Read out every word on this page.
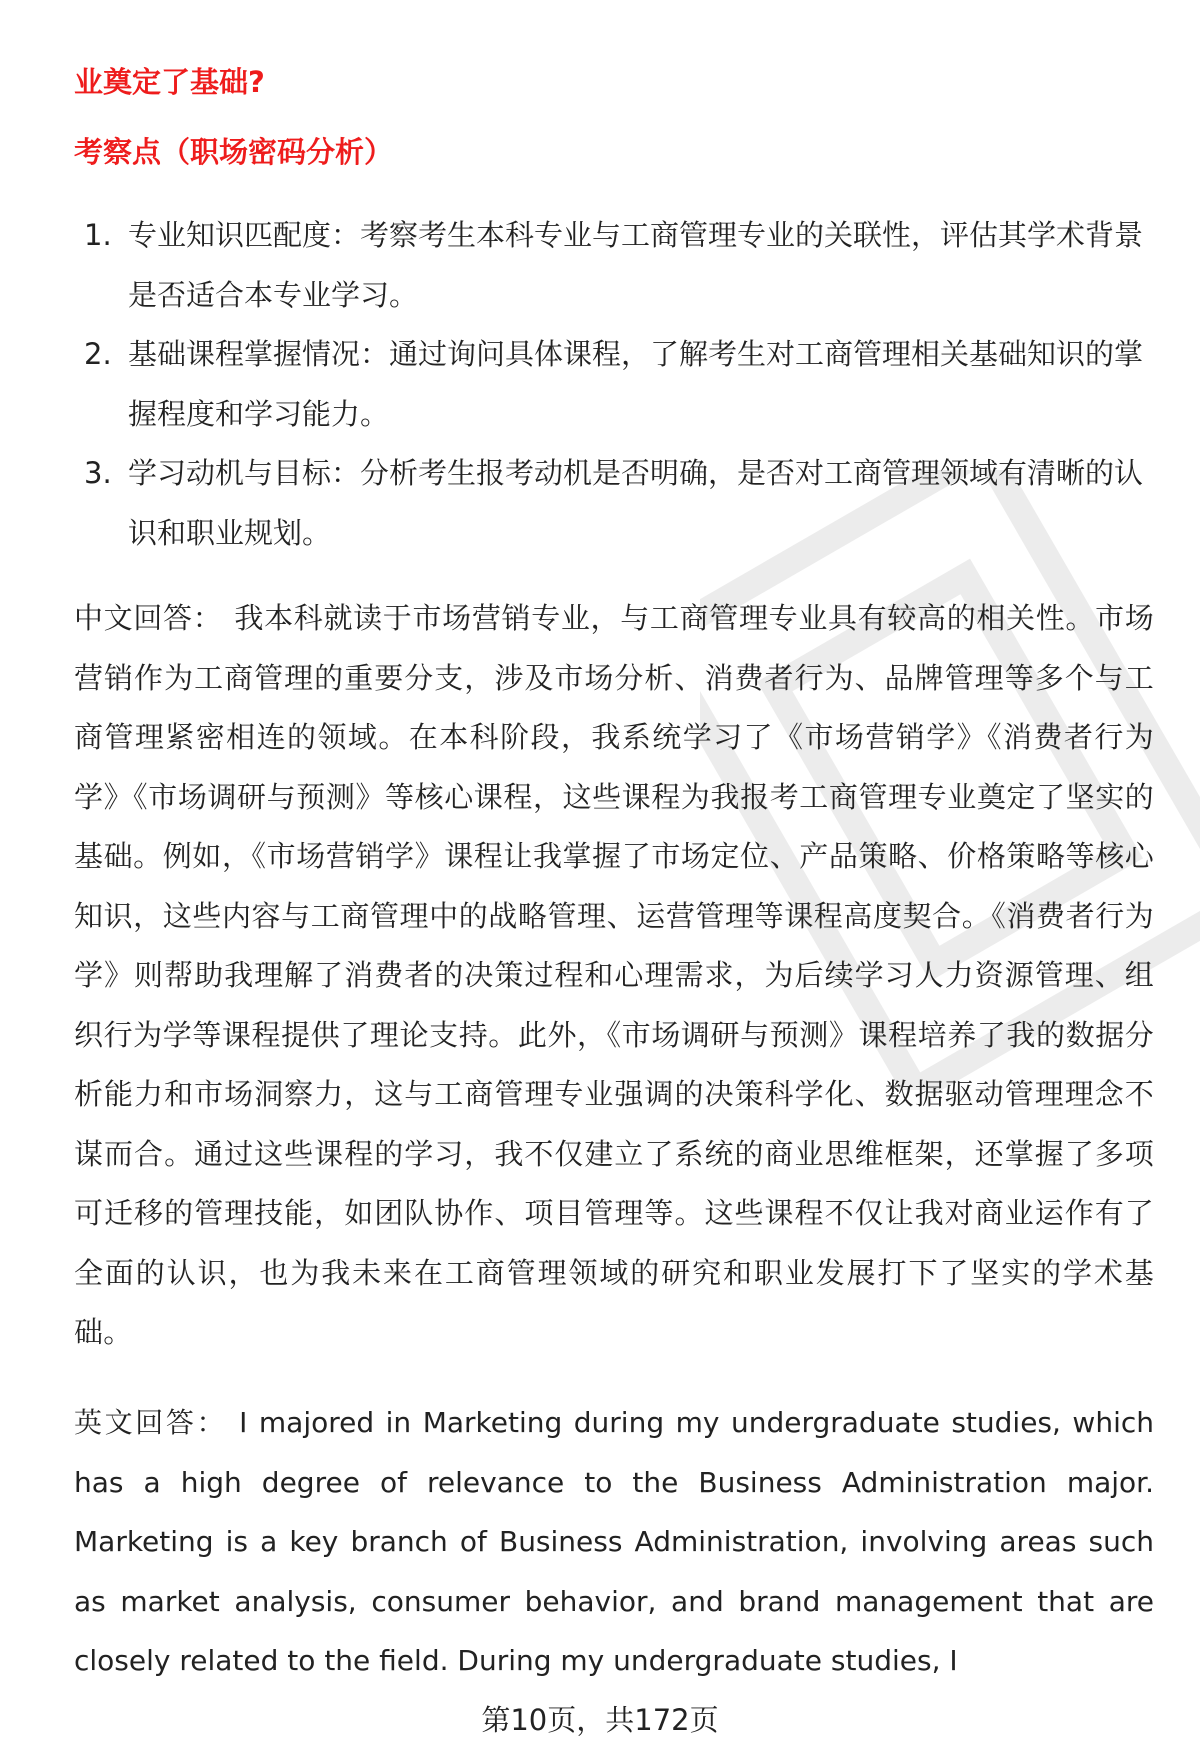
业奠定了基础?

考察点（职场密码分析）

1. 专业知识匹配度：考察考生本科专业与工商管理专业的关联性，评估其学术背景是否适合本专业学习。
2. 基础课程掌握情况：通过询问具体课程，了解考生对工商管理相关基础知识的掌握程度和学习能力。
3. 学习动机与目标：分析考生报考动机是否明确，是否对工商管理领域有清晰的认识和职业规划。

中文回答： 我本科就读于市场营销专业，与工商管理专业具有较高的相关性。市场营销作为工商管理的重要分支，涉及市场分析、消费者行为、品牌管理等多个与工商管理紧密相连的领域。在本科阶段，我系统学习了《市场营销学》《消费者行为学》《市场调研与预测》等核心课程，这些课程为我报考工商管理专业奠定了坚实的基础。例如，《市场营销学》课程让我掌握了市场定位、产品策略、价格策略等核心知识，这些内容与工商管理中的战略管理、运营管理等课程高度契合。《消费者行为学》则帮助我理解了消费者的决策过程和心理需求，为后续学习人力资源管理、组织行为学等课程提供了理论支持。此外，《市场调研与预测》课程培养了我的数据分析能力和市场洞察力，这与工商管理专业强调的决策科学化、数据驱动管理理念不谋而合。通过这些课程的学习，我不仅建立了系统的商业思维框架，还掌握了多项可迁移的管理技能，如团队协作、项目管理等。这些课程不仅让我对商业运作有了全面的认识，也为我未来在工商管理领域的研究和职业发展打下了坚实的学术基础。

英文回答： I majored in Marketing during my undergraduate studies, which has a high degree of relevance to the Business Administration major. Marketing is a key branch of Business Administration, involving areas such as market analysis, consumer behavior, and brand management that are closely related to the field. During my undergraduate studies, I

第10页，共172页
